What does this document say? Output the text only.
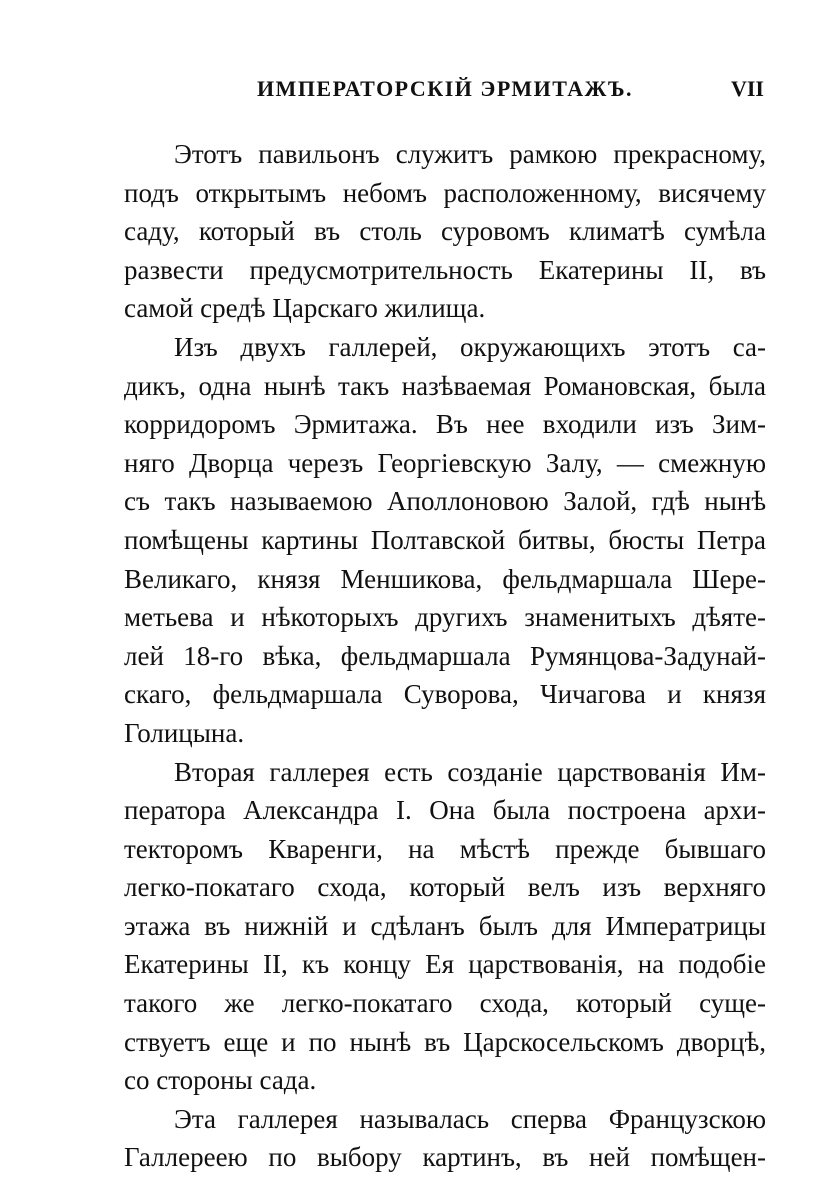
ИМПЕРАТОРСКІЙ ЭРМИТАЖЪ.	VII
Этотъ павильонъ служитъ рамкою прекрасному,
подъ открытымъ небомъ расположенному, висячему
саду, который въ столь суровомъ климатѣ сумѣла
развести предусмотрительность Екатерины II, въ
самой средѣ Царскаго жилища.
Изъ двухъ галлерей, окружающихъ этотъ са-
дикъ, одна нынѣ такъ назѣваемая Романовская, была
корридоромъ Эрмитажа. Въ нее входили изъ Зим-
няго Дворца черезъ Георгіевскую Залу, — смежную
съ такъ называемою Аполлоновою Залой, гдѣ нынѣ
помѣщены картины Полтавской битвы, бюсты Петра
Великаго, князя Меншикова, фельдмаршала Шере-
метьева и нѣкоторыхъ другихъ знаменитыхъ дѣяте-
лей 18-го вѣка, фельдмаршала Румянцова-Задунай-
скаго, фельдмаршала Суворова, Чичагова и князя
Голицына.
Вторая галлерея есть созданіе царствованія Им-
ператора Александра I. Она была построена архи-
текторомъ Кваренги, на мѣстѣ прежде бывшаго
легко-покатаго схода, который велъ изъ верхняго
этажа въ нижній и сдѣланъ былъ для Императрицы
Екатерины II, къ концу Ея царствованія, на подобіе
такого же легко-покатаго схода, который суще-
ствуетъ еще и по нынѣ въ Царскосельскомъ дворцѣ,
со стороны сада.
Эта галлерея называлась сперва Французскою
Галлереею по выбору картинъ, въ ней помѣщен-
